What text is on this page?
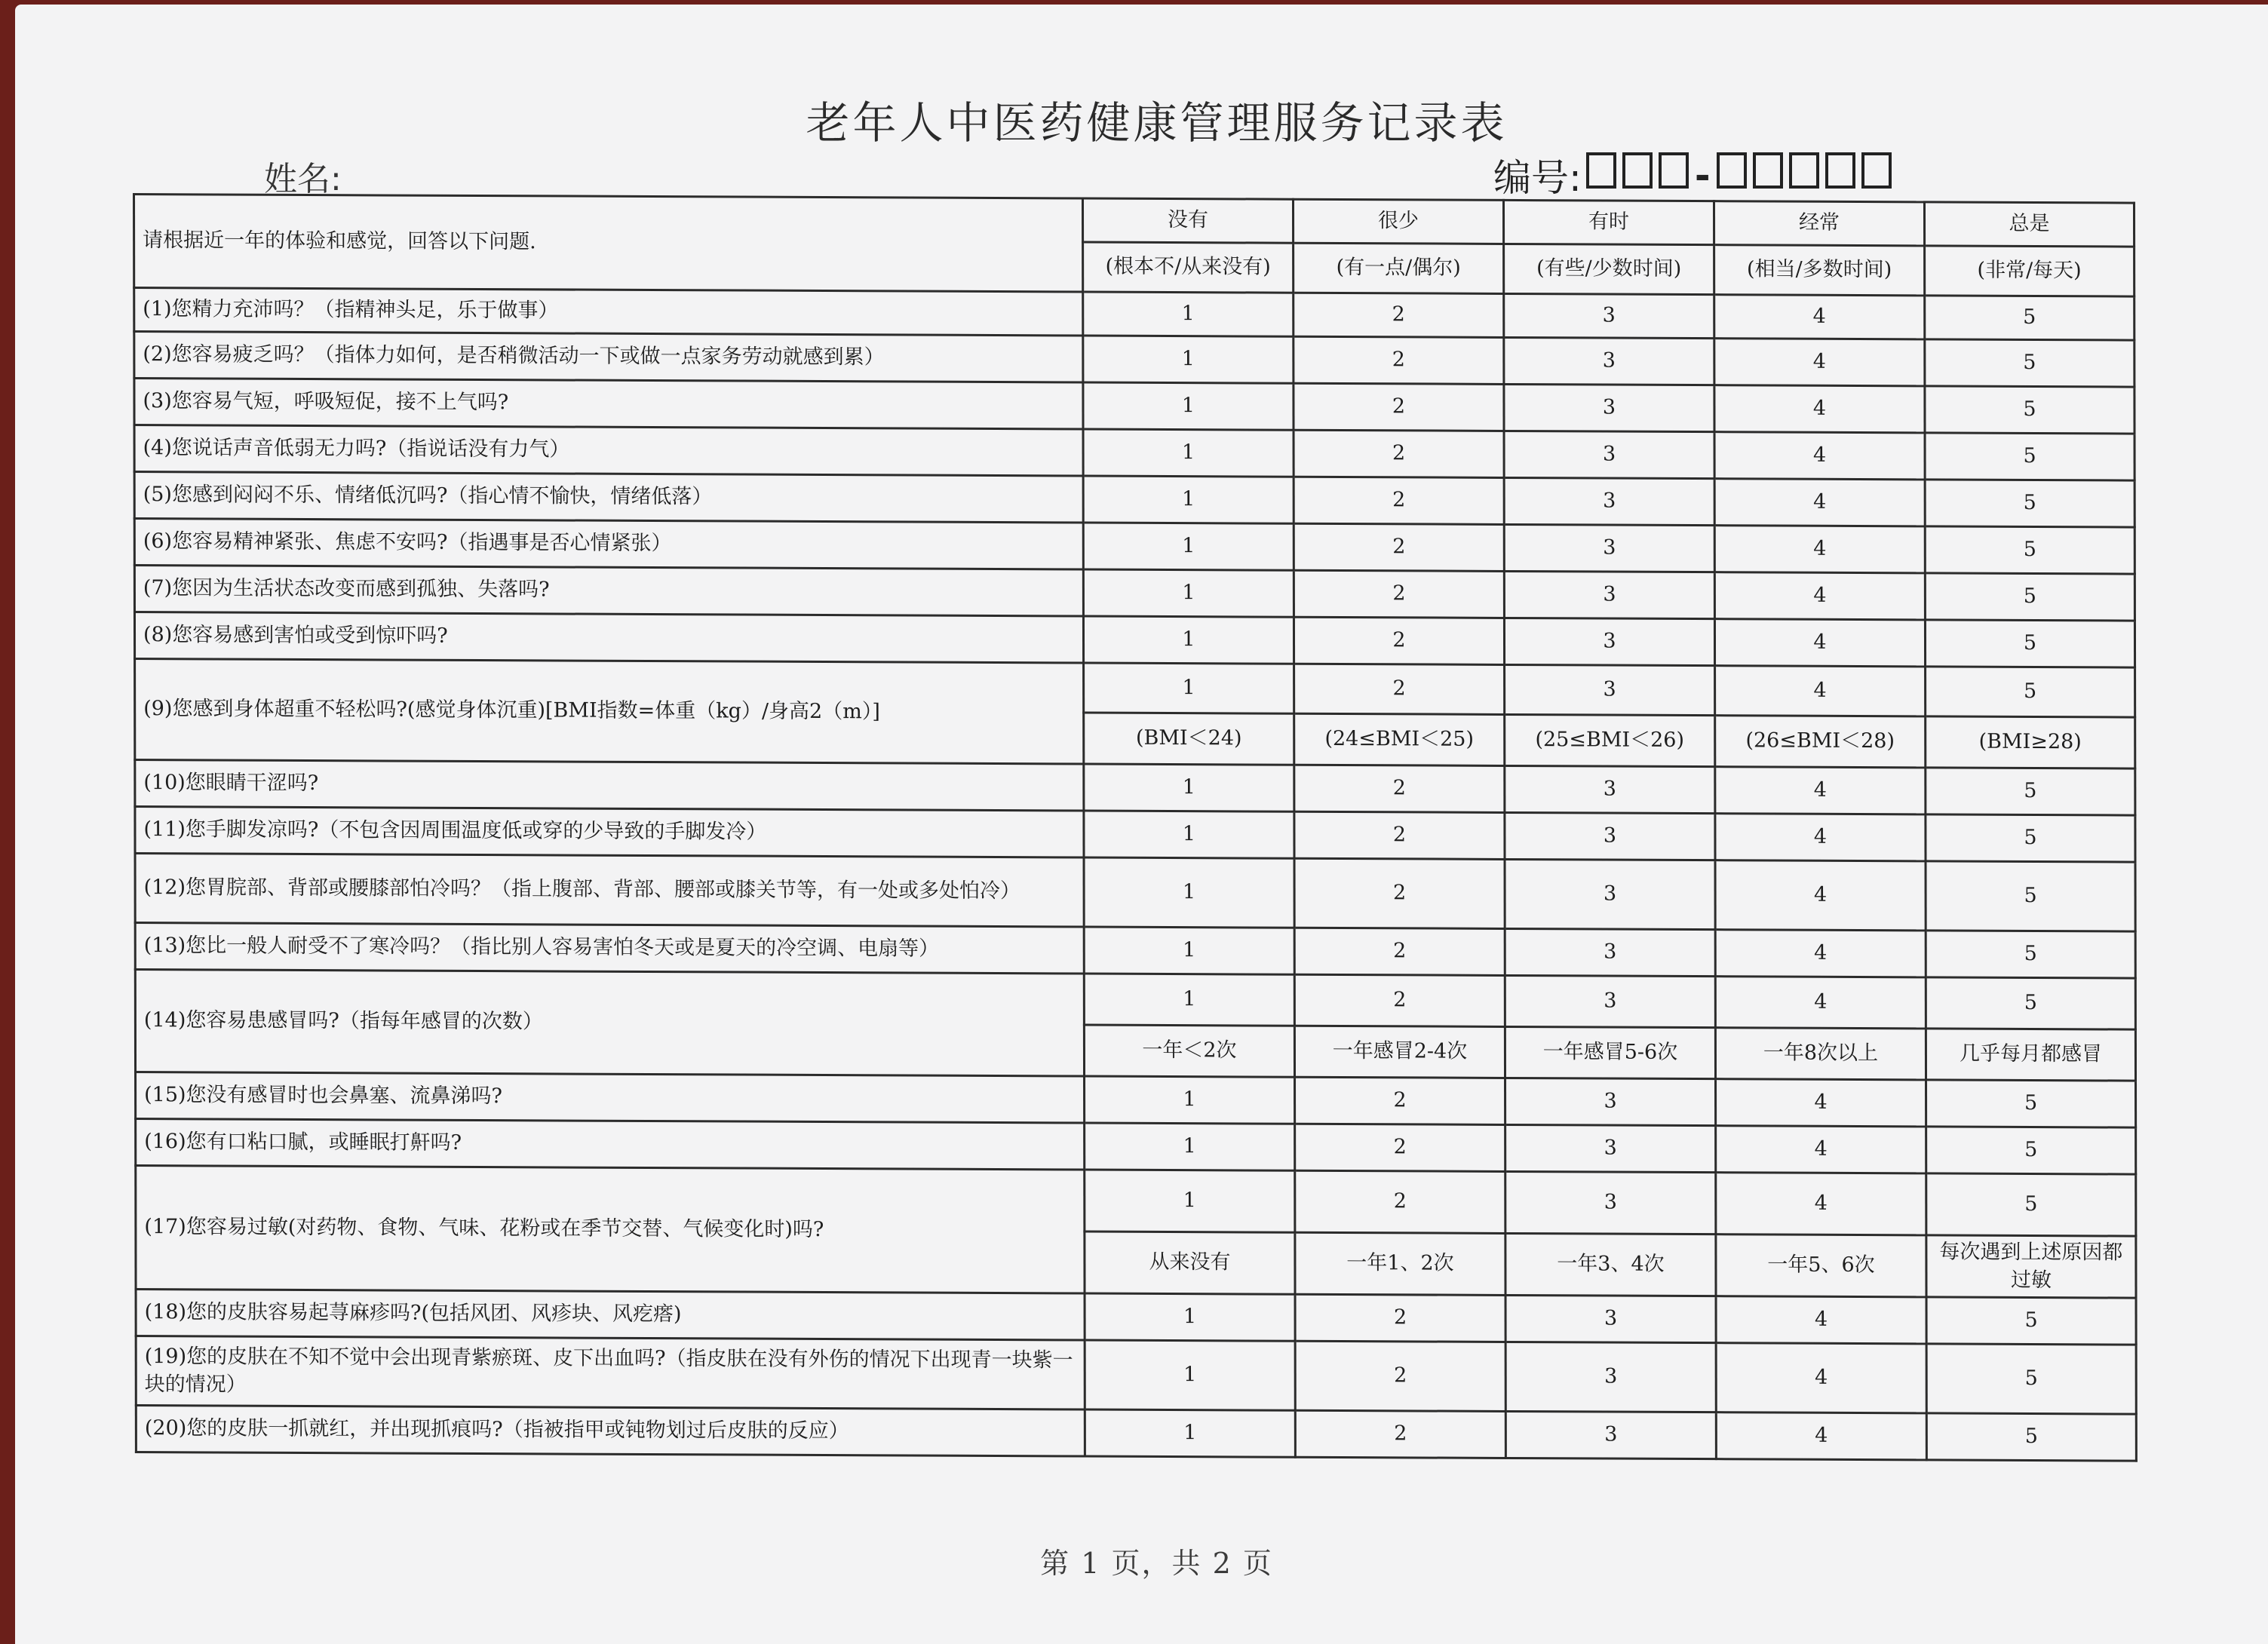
老年人中医药健康管理服务记录表
姓名:	编号:	-
请根据近一年的体验和感觉，回答以下问题.	没有	很少	有时	经常	总是
	(根本不/从来没有)	(有一点/偶尔)	(有些/少数时间)	(相当/多数时间)	(非常/每天)
(1)您精力充沛吗？（指精神头足，乐于做事）	1	2	3	4	5
(2)您容易疲乏吗？（指体力如何，是否稍微活动一下或做一点家务劳动就感到累）	1	2	3	4	5
(3)您容易气短，呼吸短促，接不上气吗?	1	2	3	4	5
(4)您说话声音低弱无力吗?（指说话没有力气）	1	2	3	4	5
(5)您感到闷闷不乐、情绪低沉吗?（指心情不愉快，情绪低落）	1	2	3	4	5
(6)您容易精神紧张、焦虑不安吗?（指遇事是否心情紧张）	1	2	3	4	5
(7)您因为生活状态改变而感到孤独、失落吗?	1	2	3	4	5
(8)您容易感到害怕或受到惊吓吗?	1	2	3	4	5
(9)您感到身体超重不轻松吗?(感觉身体沉重)[BMI指数=体重（kg）/身高2（m）]	1	2	3	4	5
	(BMI＜24)	(24≤BMI＜25)	(25≤BMI＜26)	(26≤BMI＜28)	(BMI≥28)
(10)您眼睛干涩吗?	1	2	3	4	5
(11)您手脚发凉吗?（不包含因周围温度低或穿的少导致的手脚发冷）	1	2	3	4	5
(12)您胃脘部、背部或腰膝部怕冷吗？（指上腹部、背部、腰部或膝关节等，有一处或多处怕冷）	1	2	3	4	5
(13)您比一般人耐受不了寒冷吗？（指比别人容易害怕冬天或是夏天的冷空调、电扇等）	1	2	3	4	5
(14)您容易患感冒吗?（指每年感冒的次数）	1	2	3	4	5
	一年＜2次	一年感冒2-4次	一年感冒5-6次	一年8次以上	几乎每月都感冒
(15)您没有感冒时也会鼻塞、流鼻涕吗?	1	2	3	4	5
(16)您有口粘口腻，或睡眠打鼾吗?	1	2	3	4	5
(17)您容易过敏(对药物、食物、气味、花粉或在季节交替、气候变化时)吗?	1	2	3	4	5
	从来没有	一年1、2次	一年3、4次	一年5、6次	每次遇到上述原因都过敏
(18)您的皮肤容易起荨麻疹吗?(包括风团、风疹块、风疙瘩)	1	2	3	4	5
(19)您的皮肤在不知不觉中会出现青紫瘀斑、皮下出血吗?（指皮肤在没有外伤的情况下出现青一块紫一块的情况）	1	2	3	4	5
(20)您的皮肤一抓就红，并出现抓痕吗?（指被指甲或钝物划过后皮肤的反应）	1	2	3	4	5
第 1 页，共 2 页
